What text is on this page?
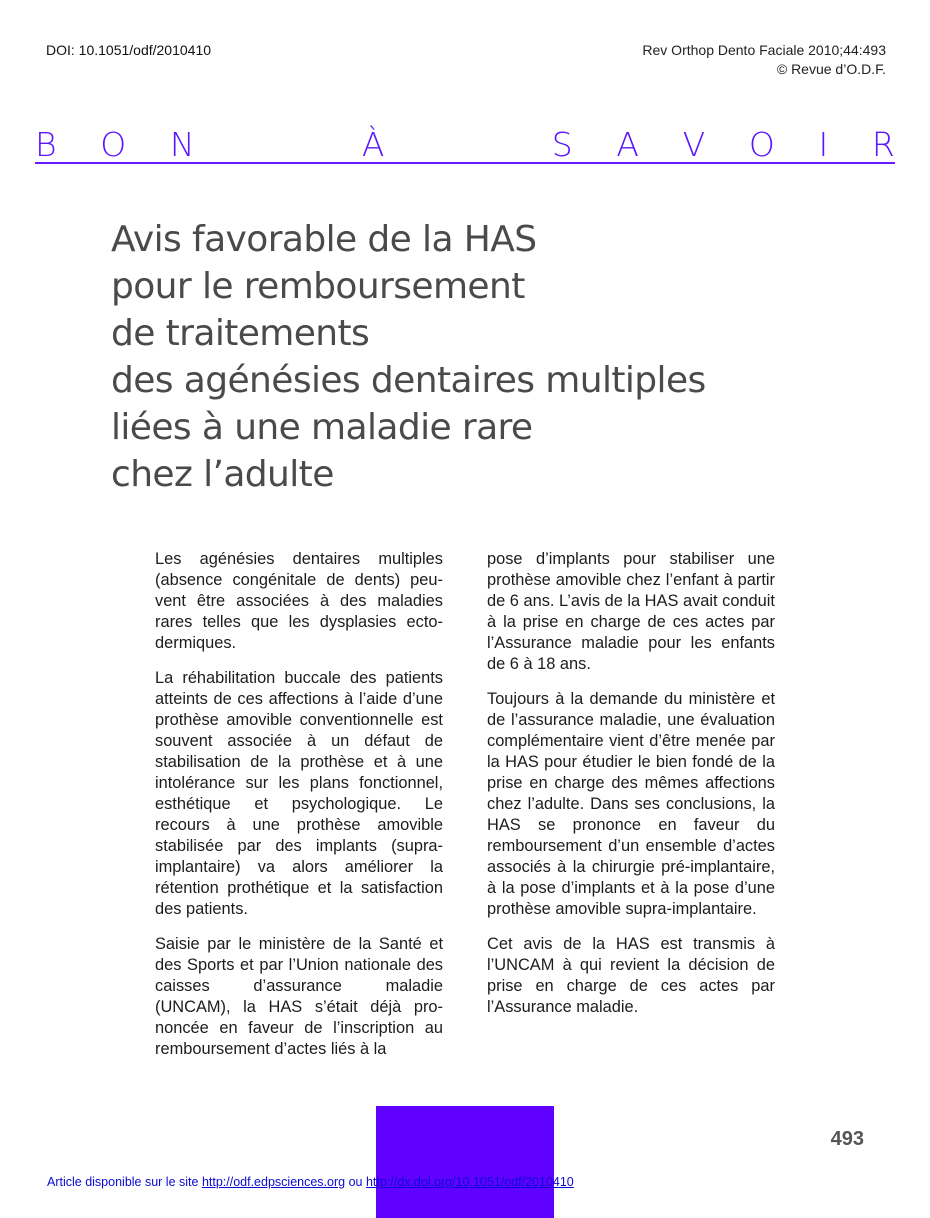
DOI: 10.1051/odf/2010410	Rev Orthop Dento Faciale 2010;44:493
© Revue d’O.D.F.
B O N	À	S A V O I R
Avis favorable de la HAS
pour le remboursement
de traitements
des agénésies dentaires multiples
liées à une maladie rare
chez l’adulte

Les agénésies dentaires multiples (absence congénitale de dents) peuvent être associées à des maladies rares telles que les dysplasies ectodermiques.

La réhabilitation buccale des patients atteints de ces affections à l’aide d’une prothèse amovible conventionnelle est souvent associée à un défaut de stabilisation de la prothèse et à une intolérance sur les plans fonctionnel, esthétique et psychologique. Le recours à une prothèse amovible stabilisée par des implants (supra-implantaire) va alors améliorer la rétention prothétique et la satisfaction des patients.

Saisie par le ministère de la Santé et des Sports et par l’Union nationale des caisses d’assurance maladie (UNCAM), la HAS s’était déjà prononcée en faveur de l’inscription au remboursement d’actes liés à la

pose d’implants pour stabiliser une prothèse amovible chez l’enfant à partir de 6 ans. L’avis de la HAS avait conduit à la prise en charge de ces actes par l’Assurance maladie pour les enfants de 6 à 18 ans.

Toujours à la demande du ministère et de l’assurance maladie, une évaluation complémentaire vient d’être menée par la HAS pour étudier le bien fondé de la prise en charge des mêmes affections chez l’adulte. Dans ses conclusions, la HAS se prononce en faveur du remboursement d’un ensemble d’actes associés à la chirurgie pré-implantaire, à la pose d’implants et à la pose d’une prothèse amovible supra-implantaire.

Cet avis de la HAS est transmis à l’UNCAM à qui revient la décision de prise en charge de ces actes par l’Assurance maladie.

493
Article disponible sur le site http://odf.edpsciences.org ou http://dx.doi.org/10.1051/odf/2010410
